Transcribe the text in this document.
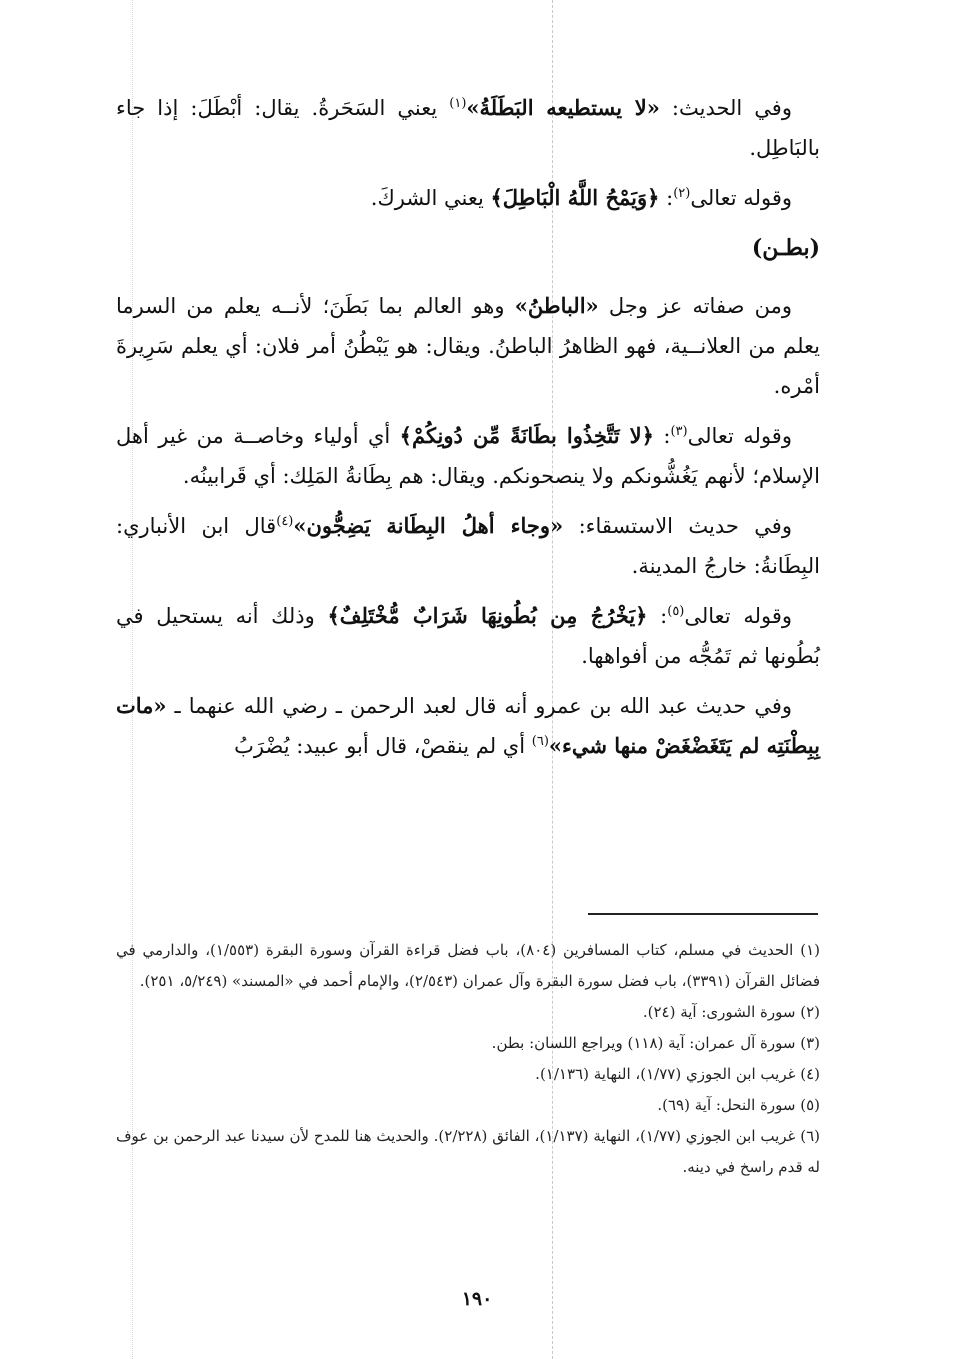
وفي الحديث: «لا يستطيعه البَطَلَةُ»$^{(١)}$ يعني السَحَرةُ. يقال: أبْطَلَ: إذا جاء بالبَاطِل.

وقوله تعالى$^{(٢)}$: ﴿وَيَمْحُ اللَّهُ الْبَاطِلَ﴾ يعني الشركَ.

(بطـن)

ومن صفاته عز وجل «الباطنُ» وهو العالم بما بَطَنَ؛ لأنــه يعلم من السرما يعلم من العلانــية، فهو الظاهرُ الباطنُ. ويقال: هو يَبْطُنُ أمر فلان: أي يعلم سَرِيرةَ أمْره.

وقوله تعالى$^{(٣)}$: ﴿لا تَتَّخِذُوا بطَانَةً مِّن دُونِكُمْ﴾ أي أولياء وخاصــة من غير أهل الإسلام؛ لأنهم يَغُشُّونكم ولا ينصحونكم. ويقال: هم بِطَانةُ المَلِك: أي قَرابينُه.

وفي حديث الاستسقاء: «وجاء أهلُ البِطَانة يَضِجُّون»$^{(٤)}$قال ابن الأنباري: البِطَانةُ: خارجُ المدينة.

وقوله تعالى$^{(٥)}$: ﴿يَخْرُجُ مِن بُطُونِهَا شَرَابٌ مُّخْتَلِفٌ﴾ وذلك أنه يستحيل في بُطُونها ثم تَمُجُّه من أفواهها.

وفي حديث عبد الله بن عمرو أنه قال لعبد الرحمن ـ رضي الله عنهما ـ «مات بِبِطْنَتِه لم يَتَغَضْغَضْ منها شيء»$^{(٦)}$ أي لم ينقصْ، قال أبو عبيد: يُضْرَبُ

(١) الحديث في مسلم، كتاب المسافرين (٨٠٤)، باب فضل قراءة القرآن وسورة البقرة (١/٥٥٣)، والدارمي في فضائل القرآن (٣٣٩١)، باب فضل سورة البقرة وآل عمران (٢/٥٤٣)، والإمام أحمد في «المسند» (٥/٢٤٩، ٢٥١).
(٢) سورة الشورى: آية (٢٤).
(٣) سورة آل عمران: آية (١١٨) ويراجع اللسان: بطن.
(٤) غريب ابن الجوزي (١/٧٧)، النهاية (١/١٣٦).
(٥) سورة النحل: آية (٦٩).
(٦) غريب ابن الجوزي (١/٧٧)، النهاية (١/١٣٧)، الفائق (٢/٢٢٨). والحديث هنا للمدح لأن سيدنا عبد الرحمن بن عوف له قدم راسخ في دينه.
١٩٠
